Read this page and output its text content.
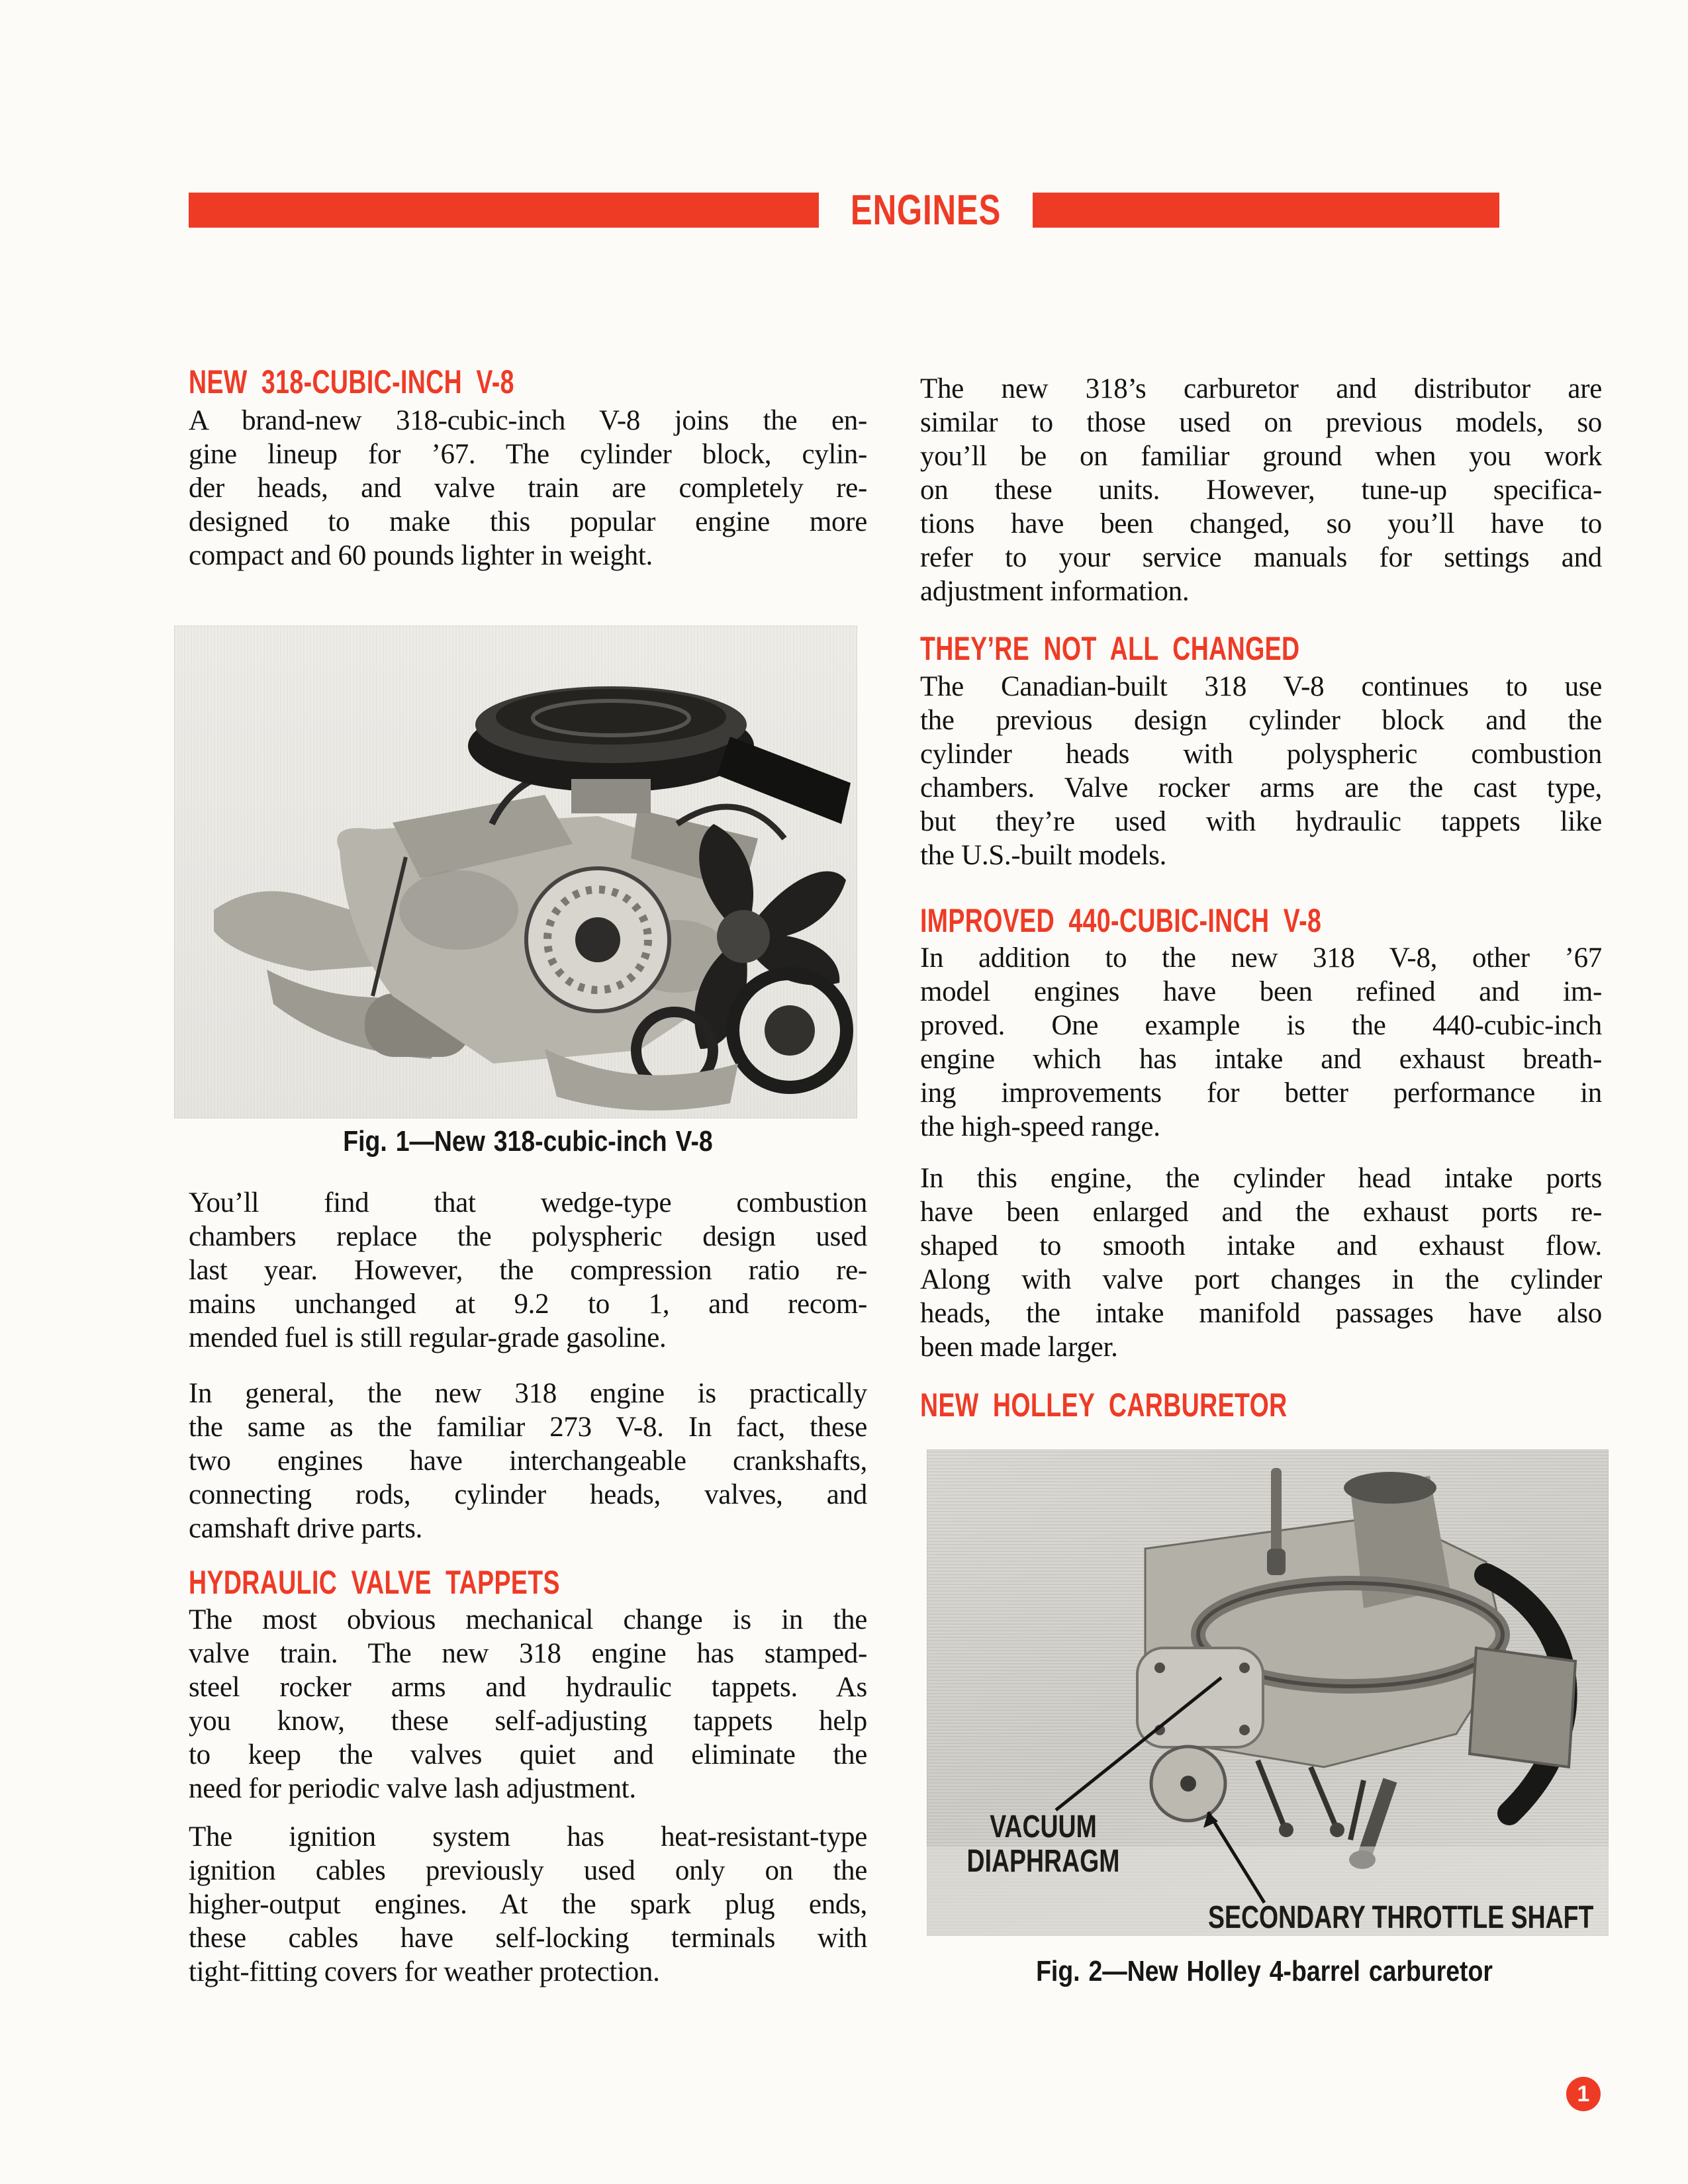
ENGINES
NEW 318-CUBIC-INCH V-8
A brand-new 318-cubic-inch V-8 joins the en-
gine lineup for ’67. The cylinder block, cylin-
der heads, and valve train are completely re-
designed to make this popular engine more
compact and 60 pounds lighter in weight.
Fig. 1—New 318-cubic-inch V-8
You’ll find that wedge-type combustion
chambers replace the polyspheric design used
last year. However, the compression ratio re-
mains unchanged at 9.2 to 1, and recom-
mended fuel is still regular-grade gasoline.
In general, the new 318 engine is practically
the same as the familiar 273 V-8. In fact, these
two engines have interchangeable crankshafts,
connecting rods, cylinder heads, valves, and
camshaft drive parts.
HYDRAULIC VALVE TAPPETS
The most obvious mechanical change is in the
valve train. The new 318 engine has stamped-
steel rocker arms and hydraulic tappets. As
you know, these self-adjusting tappets help
to keep the valves quiet and eliminate the
need for periodic valve lash adjustment.
The ignition system has heat-resistant-type
ignition cables previously used only on the
higher-output engines. At the spark plug ends,
these cables have self-locking terminals with
tight-fitting covers for weather protection.
The new 318’s carburetor and distributor are
similar to those used on previous models, so
you’ll be on familiar ground when you work
on these units. However, tune-up specifica-
tions have been changed, so you’ll have to
refer to your service manuals for settings and
adjustment information.
THEY’RE NOT ALL CHANGED
The Canadian-built 318 V-8 continues to use
the previous design cylinder block and the
cylinder heads with polyspheric combustion
chambers. Valve rocker arms are the cast type,
but they’re used with hydraulic tappets like
the U.S.-built models.
IMPROVED 440-CUBIC-INCH V-8
In addition to the new 318 V-8, other ’67
model engines have been refined and im-
proved. One example is the 440-cubic-inch
engine which has intake and exhaust breath-
ing improvements for better performance in
the high-speed range.
In this engine, the cylinder head intake ports
have been enlarged and the exhaust ports re-
shaped to smooth intake and exhaust flow.
Along with valve port changes in the cylinder
heads, the intake manifold passages have also
been made larger.
NEW HOLLEY CARBURETOR
VACUUM DIAPHRAGM
SECONDARY THROTTLE SHAFT
Fig. 2—New Holley 4-barrel carburetor
1
